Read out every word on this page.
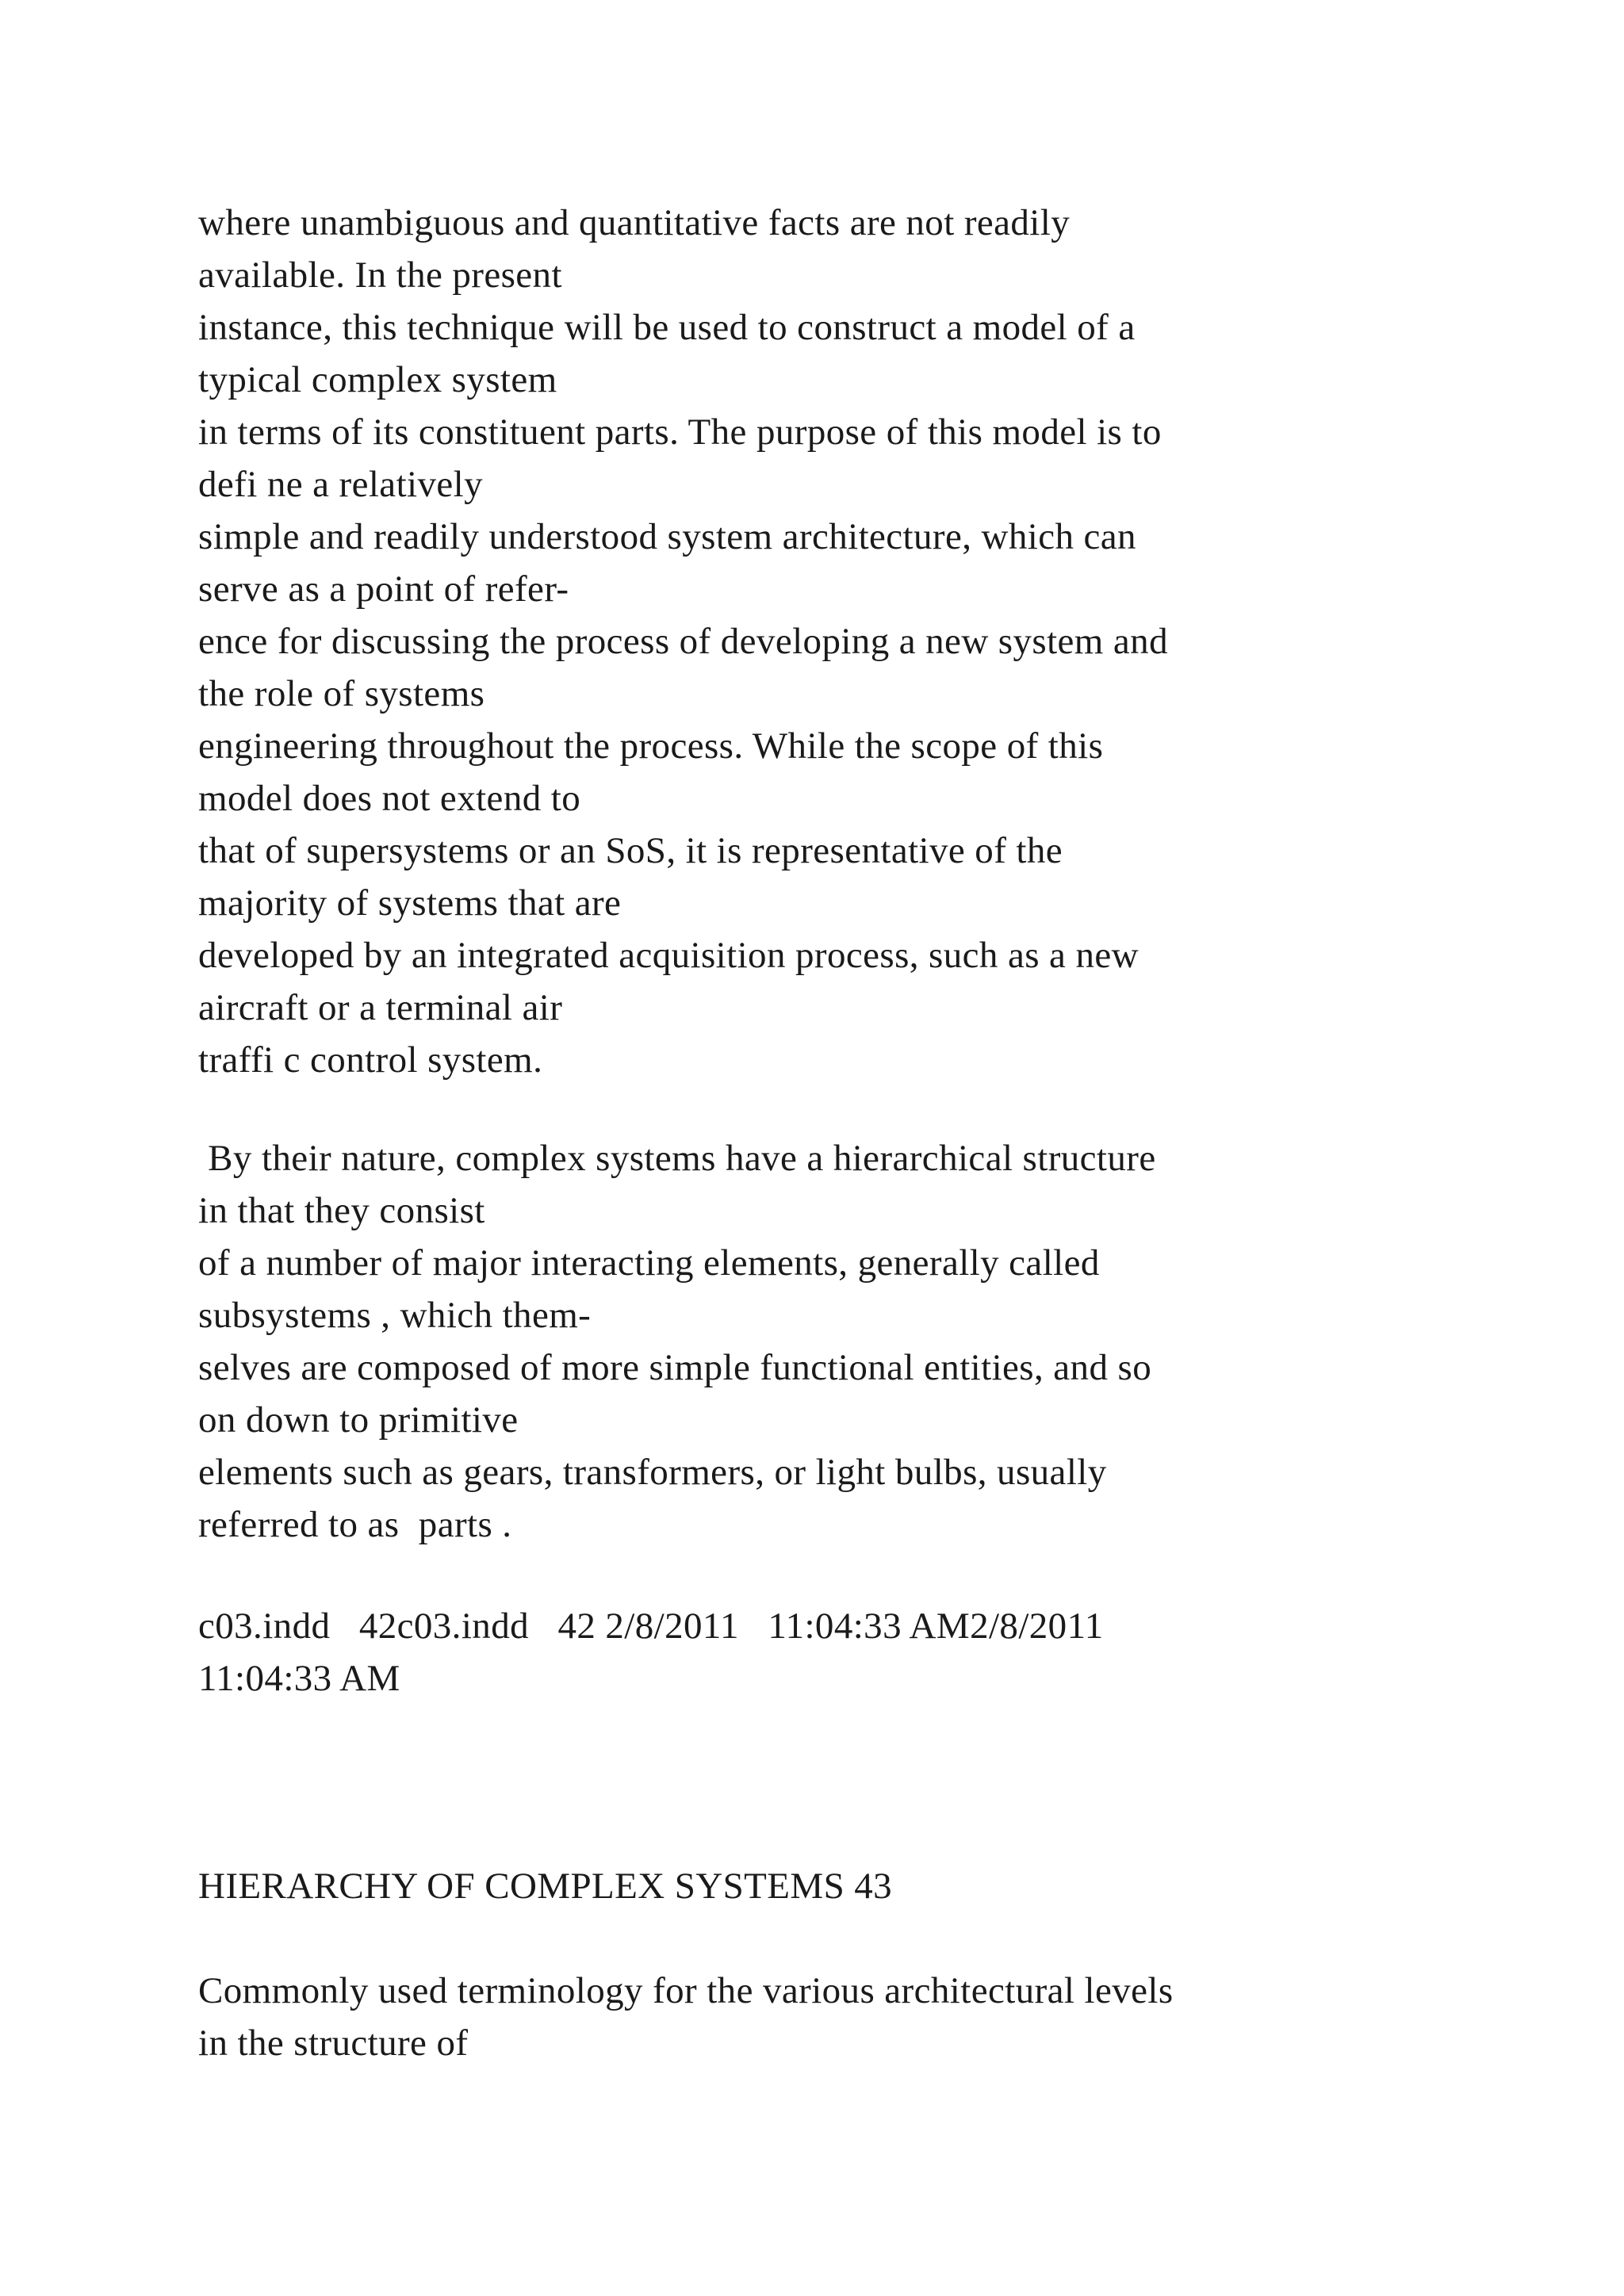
where unambiguous and quantitative facts are not readily
available. In the present
instance, this technique will be used to construct a model of a
typical complex system
in terms of its constituent parts. The purpose of this model is to
defi ne a relatively
simple and readily understood system architecture, which can
serve as a point of refer-
ence for discussing the process of developing a new system and
the role of systems
engineering throughout the process. While the scope of this
model does not extend to
that of supersystems or an SoS, it is representative of the
majority of systems that are
developed by an integrated acquisition process, such as a new
aircraft or a terminal air
traffi c control system.
By their nature, complex systems have a hierarchical structure
in that they consist
of a number of major interacting elements, generally called
subsystems , which them-
selves are composed of more simple functional entities, and so
on down to primitive
elements such as gears, transformers, or light bulbs, usually
referred to as  parts .
c03.indd   42c03.indd   42 2/8/2011   11:04:33 AM2/8/2011
11:04:33 AM
HIERARCHY OF COMPLEX SYSTEMS 43
Commonly used terminology for the various architectural levels
in the structure of
